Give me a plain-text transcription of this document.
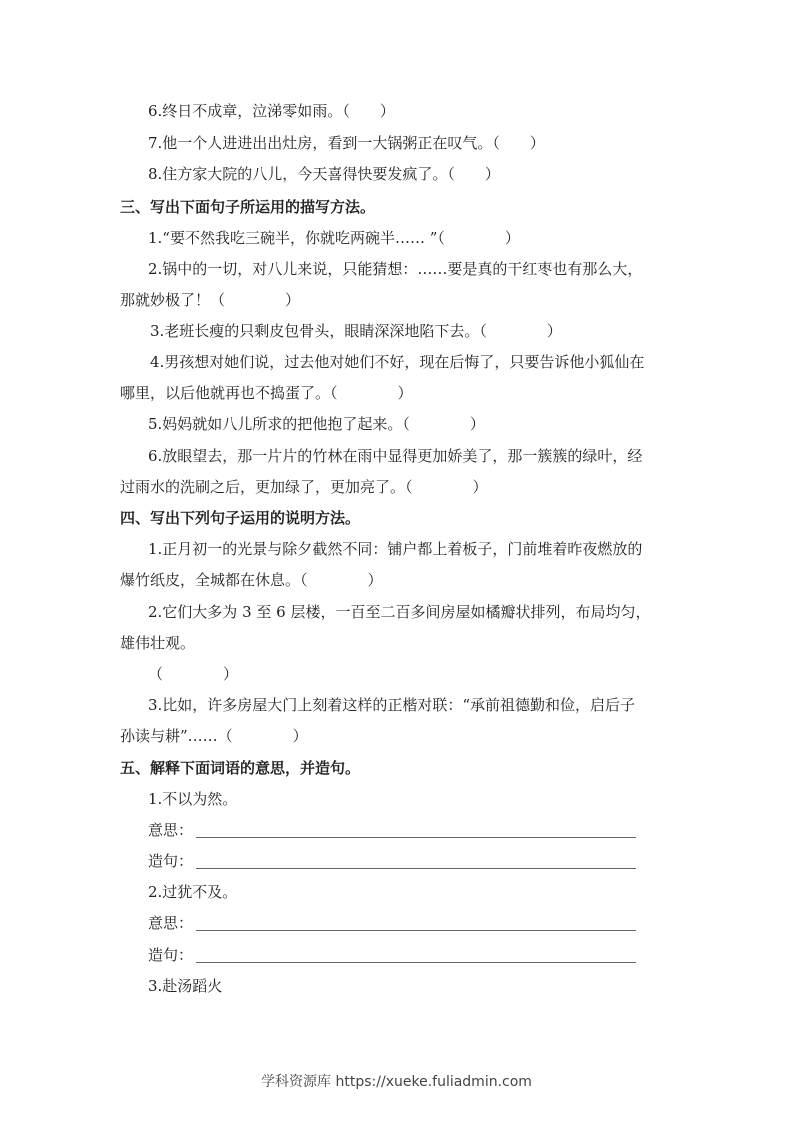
6.终日不成章，泣涕零如雨。（　　）
7.他一个人进进出出灶房，看到一大锅粥正在叹气。（　　）
8.住方家大院的八儿，今天喜得快要发疯了。（　　）
三、写出下面句子所运用的描写方法。
1.“要不然我吃三碗半，你就吃两碗半…… ”（　　　　）
2.锅中的一切，对八儿来说，只能猜想：……要是真的干红枣也有那么大，
那就妙极了！（　　　　）
3.老班长瘦的只剩皮包骨头，眼睛深深地陷下去。（　　　　）
4.男孩想对她们说，过去他对她们不好，现在后悔了，只要告诉他小狐仙在
哪里，以后他就再也不捣蛋了。（　　　　）
5.妈妈就如八儿所求的把他抱了起来。（　　　　）
6.放眼望去，那一片片的竹林在雨中显得更加娇美了，那一簇簇的绿叶，经
过雨水的洗刷之后，更加绿了，更加亮了。（　　　　）
四、写出下列句子运用的说明方法。
1.正月初一的光景与除夕截然不同：铺户都上着板子，门前堆着昨夜燃放的
爆竹纸皮，全城都在休息。（　　　　）
2.它们大多为 3 至 6 层楼，一百至二百多间房屋如橘瓣状排列，布局均匀，
雄伟壮观。
（　　　　）
3.比如，许多房屋大门上刻着这样的正楷对联：“承前祖德勤和俭，启后子
孙读与耕”……（　　　　）
五、解释下面词语的意思，并造句。
1.不以为然。
意思：
造句：
2.过犹不及。
意思：
造句：
3.赴汤蹈火
学科资源库 https://xueke.fuliadmin.com
